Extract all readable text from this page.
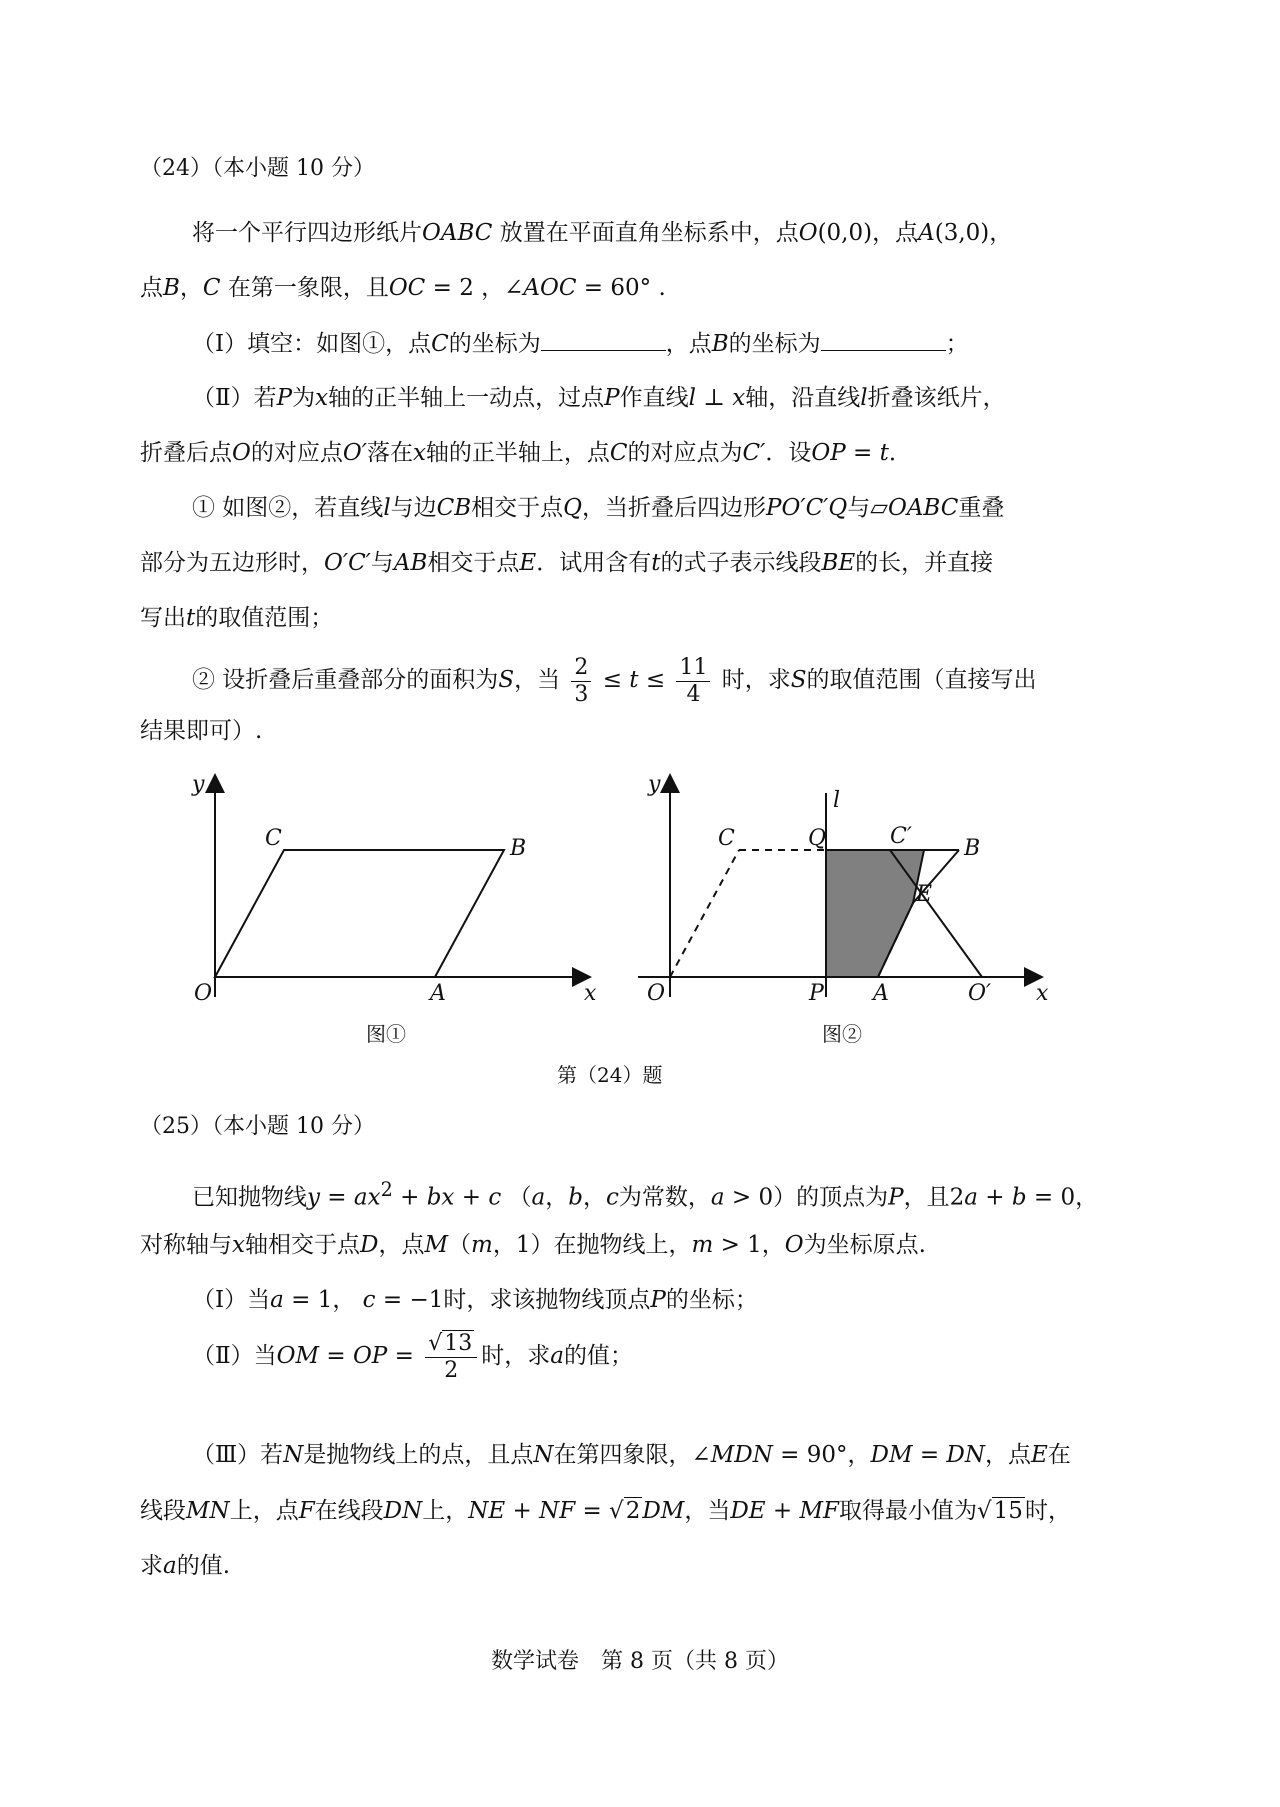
（24）（本小题 10 分）
将一个平行四边形纸片OABC 放置在平面直角坐标系中，点O(0,0)，点A(3,0)，
点B，C 在第一象限，且OC = 2 ，∠AOC = 60° .
（Ⅰ）填空：如图①，点C的坐标为	，点B的坐标为	；
（Ⅱ）若P为x轴的正半轴上一动点，过点P作直线l ⊥ x轴，沿直线l折叠该纸片，
折叠后点O的对应点O′落在x轴的正半轴上，点C的对应点为C′．设OP = t．
① 如图②，若直线l与边CB相交于点Q，当折叠后四边形PO′C′Q与▱OABC重叠
部分为五边形时，O′C′与AB相交于点E．试用含有t的式子表示线段BE的长，并直接
写出t的取值范围；
② 设折叠后重叠部分的面积为S，当 $\frac{2}{3} \le t \le \frac{11}{4}$ 时，求S的取值范围（直接写出
结果即可）.
O	A
C	B
x
y
图①
O	P A	O′ x
y
l
Q
C	C′ B
E
图②
第（24）题
（25）（本小题 10 分）
已知抛物线$y = ax^2$ + bx + c （a，b，c为常数，a > 0）的顶点为P，且2a + b = 0，
对称轴与x轴相交于点D，点M（m，1）在抛物线上，m > 1，O为坐标原点.
（Ⅰ）当a = 1， c = −1时，求该抛物线顶点P的坐标；
（Ⅱ）当OM = OP = $\frac{√13}{2}$ 时，求a的值；
（Ⅲ）若N是抛物线上的点，且点N在第四象限，∠MDN = 90°，DM = DN，点E在
线段MN上，点F在线段DN上，NE + NF = √2DM，当DE + MF取得最小值为√15时，
求a的值.
数学试卷　第 8 页（共 8 页）
